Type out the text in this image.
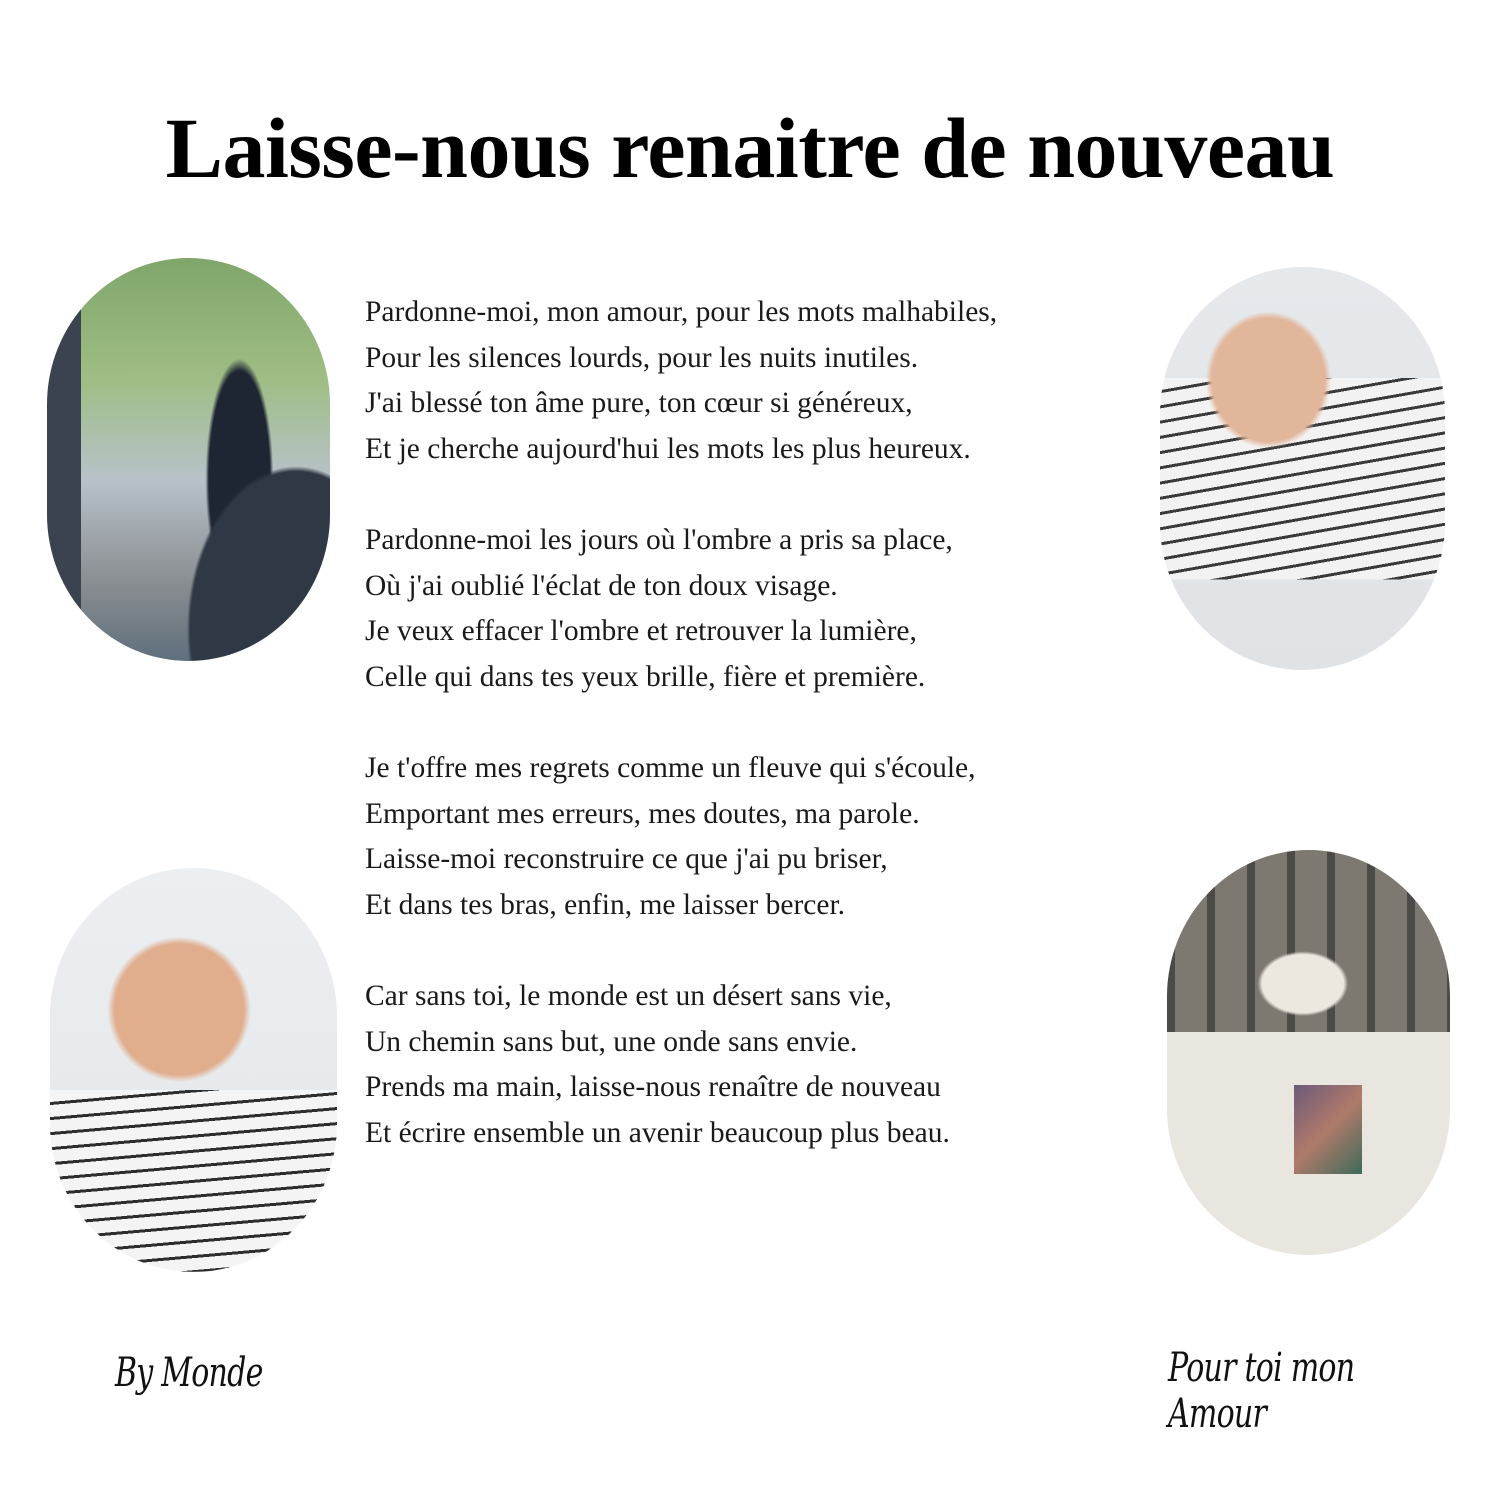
Laisse-nous renaitre de nouveau
Pardonne-moi, mon amour, pour les mots malhabiles,
Pour les silences lourds, pour les nuits inutiles.
J'ai blessé ton âme pure, ton cœur si généreux,
Et je cherche aujourd'hui les mots les plus heureux.
Pardonne-moi les jours où l'ombre a pris sa place,
Où j'ai oublié l'éclat de ton doux visage.
Je veux effacer l'ombre et retrouver la lumière,
Celle qui dans tes yeux brille, fière et première.
Je t'offre mes regrets comme un fleuve qui s'écoule,
Emportant mes erreurs, mes doutes, ma parole.
Laisse-moi reconstruire ce que j'ai pu briser,
Et dans tes bras, enfin, me laisser bercer.
Car sans toi, le monde est un désert sans vie,
Un chemin sans but, une onde sans envie.
Prends ma main, laisse-nous renaître de nouveau
Et écrire ensemble un avenir beaucoup plus beau.
By Monde	Pour toi mon Amour
